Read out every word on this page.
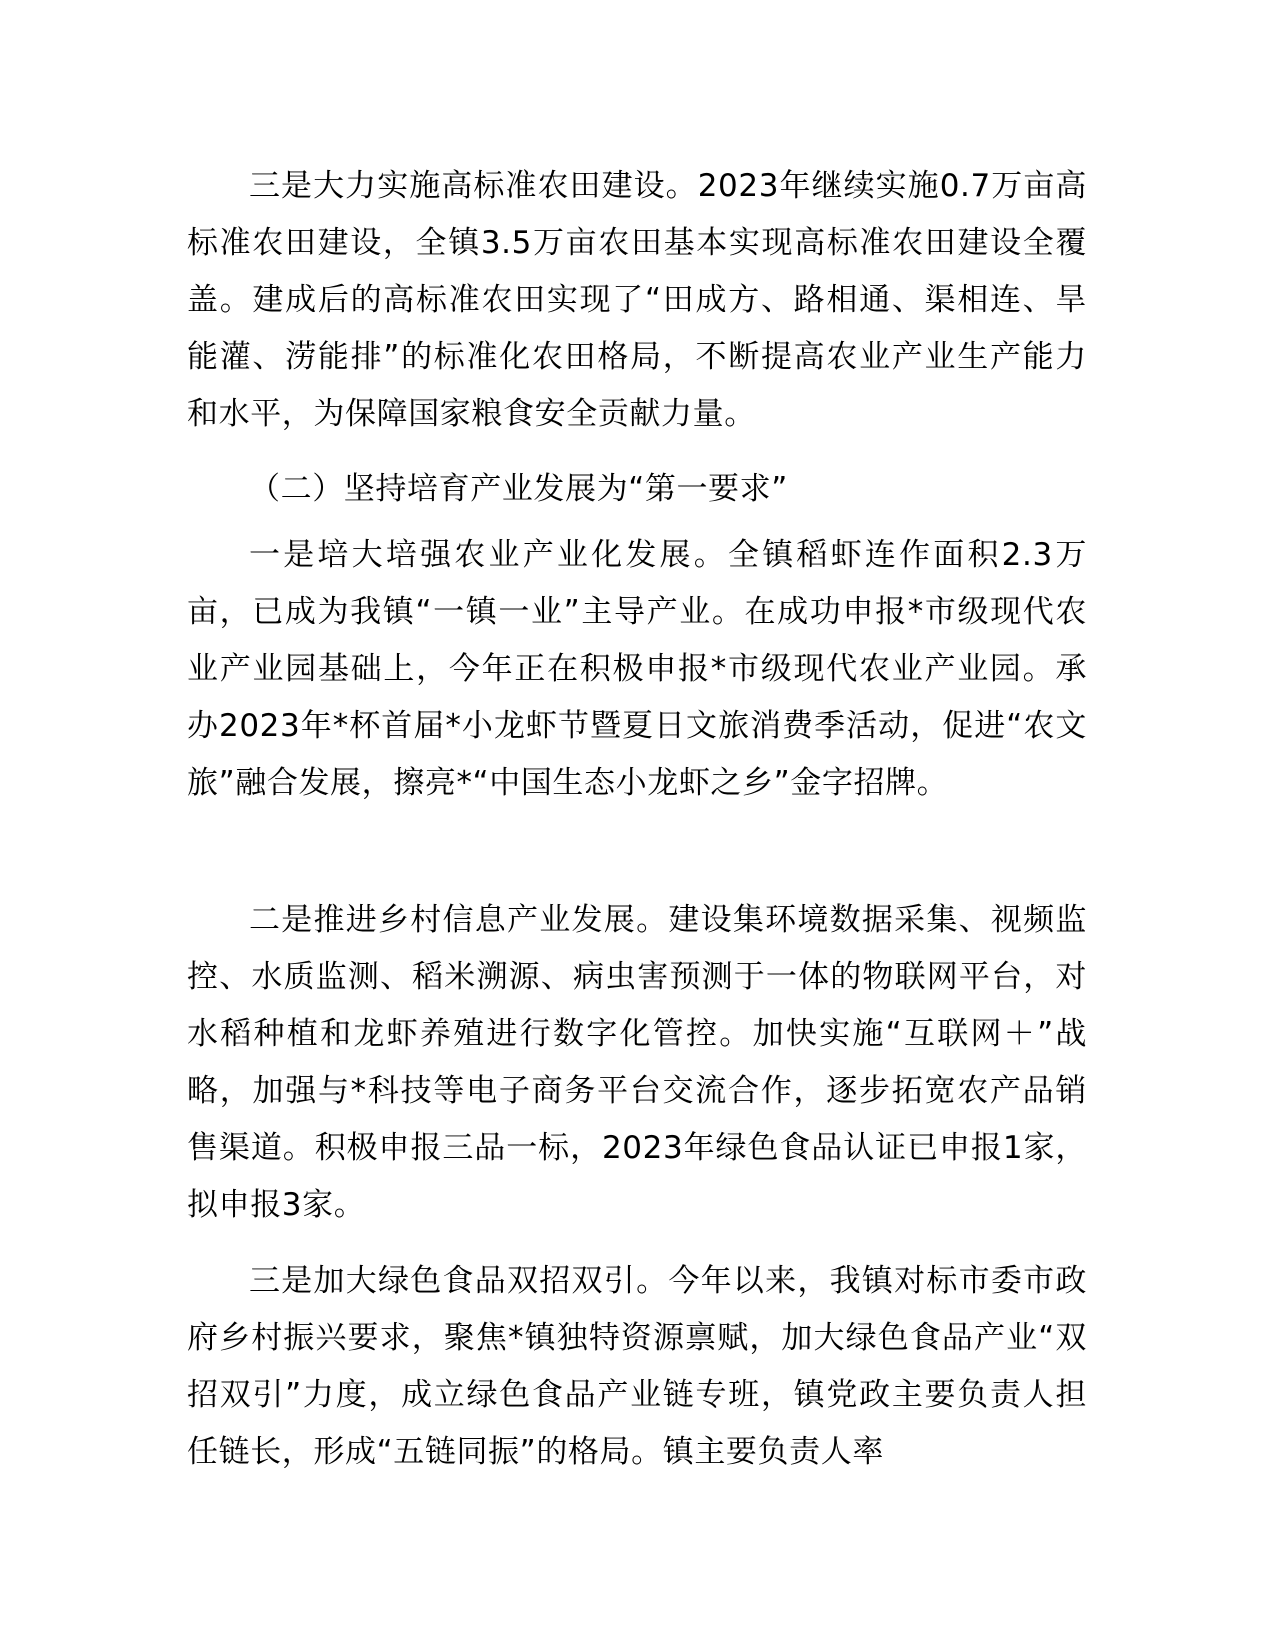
三是大力实施高标准农田建设。2023年继续实施0.7万亩高标准农田建设，全镇3.5万亩农田基本实现高标准农田建设全覆盖。建成后的高标准农田实现了“田成方、路相通、渠相连、旱能灌、涝能排”的标准化农田格局，不断提高农业产业生产能力和水平，为保障国家粮食安全贡献力量。

（二）坚持培育产业发展为“第一要求”

一是培大培强农业产业化发展。全镇稻虾连作面积2.3万亩，已成为我镇“一镇一业”主导产业。在成功申报*市级现代农业产业园基础上，今年正在积极申报*市级现代农业产业园。承办2023年*杯首届*小龙虾节暨夏日文旅消费季活动，促进“农文旅”融合发展，擦亮*“中国生态小龙虾之乡”金字招牌。

二是推进乡村信息产业发展。建设集环境数据采集、视频监控、水质监测、稻米溯源、病虫害预测于一体的物联网平台，对水稻种植和龙虾养殖进行数字化管控。加快实施“互联网＋”战略，加强与*科技等电子商务平台交流合作，逐步拓宽农产品销售渠道。积极申报三品一标，2023年绿色食品认证已申报1家，拟申报3家。

三是加大绿色食品双招双引。今年以来，我镇对标市委市政府乡村振兴要求，聚焦*镇独特资源禀赋，加大绿色食品产业“双招双引”力度，成立绿色食品产业链专班，镇党政主要负责人担任链长，形成“五链同振”的格局。镇主要负责人率
